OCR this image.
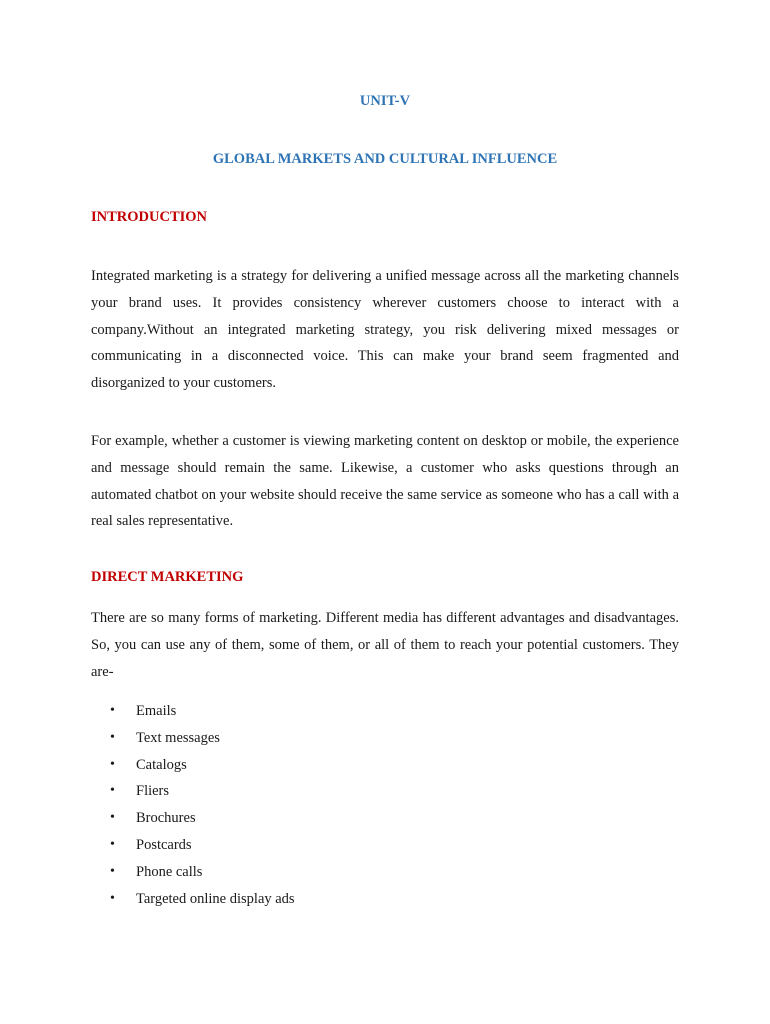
UNIT-V
GLOBAL MARKETS AND CULTURAL INFLUENCE
INTRODUCTION
Integrated marketing is a strategy for delivering a unified message across all the marketing channels your brand uses. It provides consistency wherever customers choose to interact with a company.Without an integrated marketing strategy, you risk delivering mixed messages or communicating in a disconnected voice. This can make your brand seem fragmented and disorganized to your customers.
For example, whether a customer is viewing marketing content on desktop or mobile, the experience and message should remain the same. Likewise, a customer who asks questions through an automated chatbot on your website should receive the same service as someone who has a call with a real sales representative.
DIRECT MARKETING
There are so many forms of marketing. Different media has different advantages and disadvantages. So, you can use any of them, some of them, or all of them to reach your potential customers. They are-
• Emails
• Text messages
• Catalogs
• Fliers
• Brochures
• Postcards
• Phone calls
• Targeted online display ads
